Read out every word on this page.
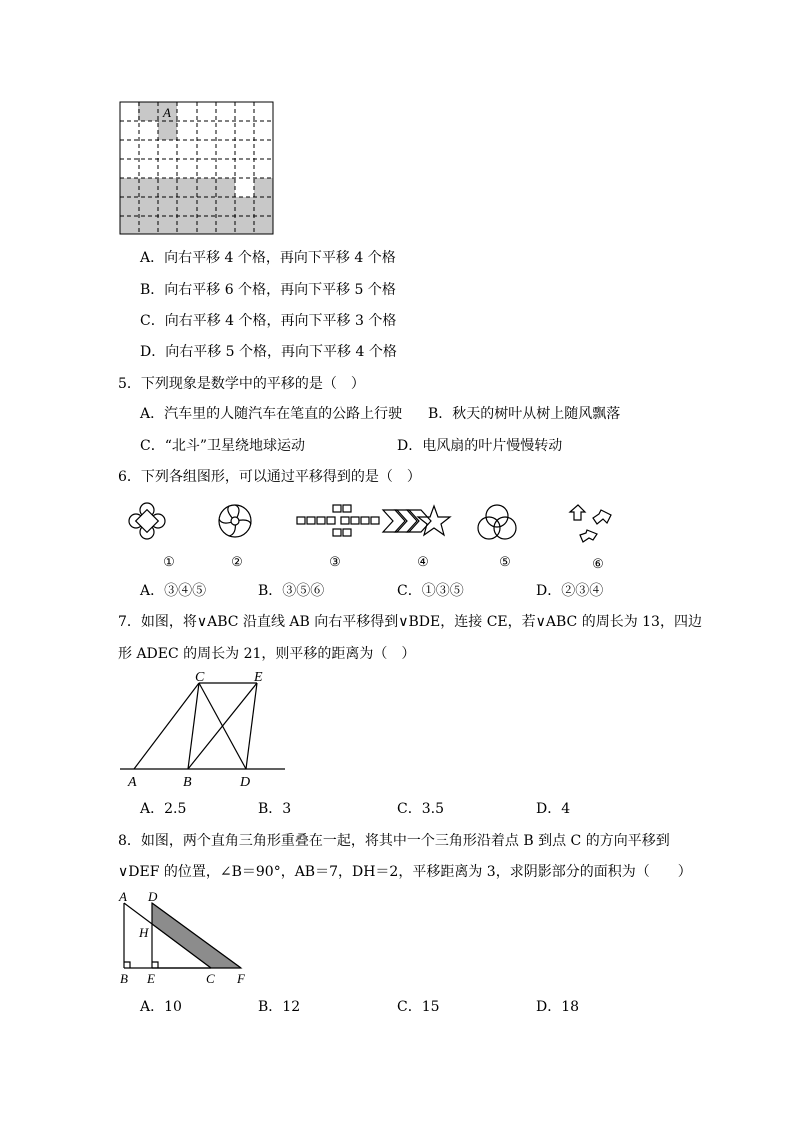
A
A．向右平移 4 个格，再向下平移 4 个格
B．向右平移 6 个格，再向下平移 5 个格
C．向右平移 4 个格，再向下平移 3 个格
D．向右平移 5 个格，再向下平移 4 个格
5．下列现象是数学中的平移的是（　）
A．汽车里的人随汽车在笔直的公路上行驶 B．秋天的树叶从树上随风飘落
C．“北斗”卫星绕地球运动	D．电风扇的叶片慢慢转动
6．下列各组图形，可以通过平移得到的是（　）
①	②	③	④	⑤	⑥
A．③④⑤	B．③⑤⑥	C．①③⑤	D．②③④
7．如图，将∨ABC 沿直线 AB 向右平移得到∨BDE，连接 CE，若∨ABC 的周长为 13，四边
形 ADEC 的周长为 21，则平移的距离为（　）
A	B
C
D
E
A．2.5	B．3	C．3.5	D．4
8．如图，两个直角三角形重叠在一起，将其中一个三角形沿着点 B 到点 C 的方向平移到
∨DEF 的位置，∠B＝90°，AB＝7，DH＝2，平移距离为 3，求阴影部分的面积为（　　）
A D
H
B E	C F
A．10	B．12	C．15	D．18
